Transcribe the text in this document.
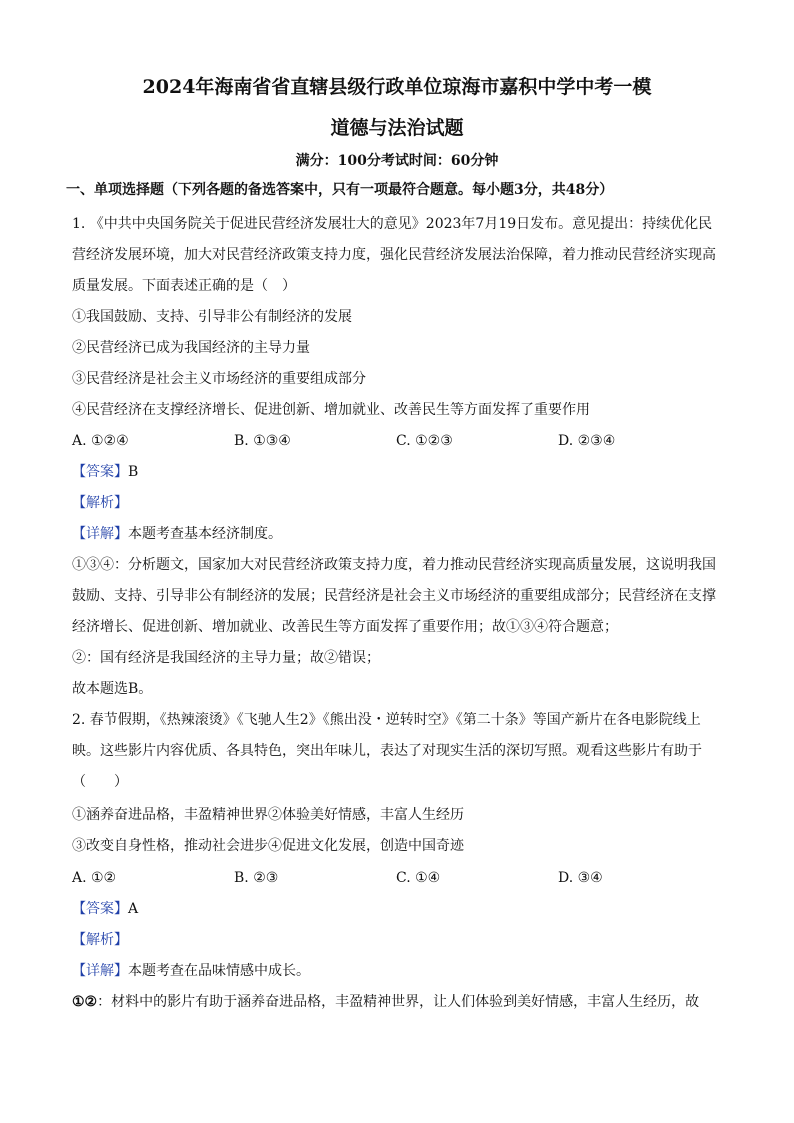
2024年海南省省直辖县级行政单位琼海市嘉积中学中考一模
道德与法治试题
满分：100分考试时间：60分钟
一、单项选择题（下列各题的备选答案中，只有一项最符合题意。每小题3分，共48分）
1. 《中共中央国务院关于促进民营经济发展壮大的意见》2023年7月19日发布。意见提出：持续优化民
营经济发展环境，加大对民营经济政策支持力度，强化民营经济发展法治保障，着力推动民营经济实现高
质量发展。下面表述正确的是（　）
①我国鼓励、支持、引导非公有制经济的发展
②民营经济已成为我国经济的主导力量
③民营经济是社会主义市场经济的重要组成部分
④民营经济在支撑经济增长、促进创新、增加就业、改善民生等方面发挥了重要作用
A. ①②④	B. ①③④	C. ①②③	D. ②③④
【答案】B
【解析】
【详解】本题考查基本经济制度。
①③④：分析题文，国家加大对民营经济政策支持力度，着力推动民营经济实现高质量发展，这说明我国
鼓励、支持、引导非公有制经济的发展；民营经济是社会主义市场经济的重要组成部分；民营经济在支撑
经济增长、促进创新、增加就业、改善民生等方面发挥了重要作用；故①③④符合题意；
②：国有经济是我国经济的主导力量；故②错误；
故本题选B。
2. 春节假期，《热辣滚烫》《飞驰人生2》《熊出没・逆转时空》《第二十条》等国产新片在各电影院线上
映。这些影片内容优质、各具特色，突出年味儿，表达了对现实生活的深切写照。观看这些影片有助于
（　　）
①涵养奋进品格，丰盈精神世界②体验美好情感，丰富人生经历
③改变自身性格，推动社会进步④促进文化发展，创造中国奇迹
A. ①②	B. ②③	C. ①④	D. ③④
【答案】A
【解析】
【详解】本题考查在品味情感中成长。
①②：材料中的影片有助于涵养奋进品格，丰盈精神世界，让人们体验到美好情感，丰富人生经历，故
